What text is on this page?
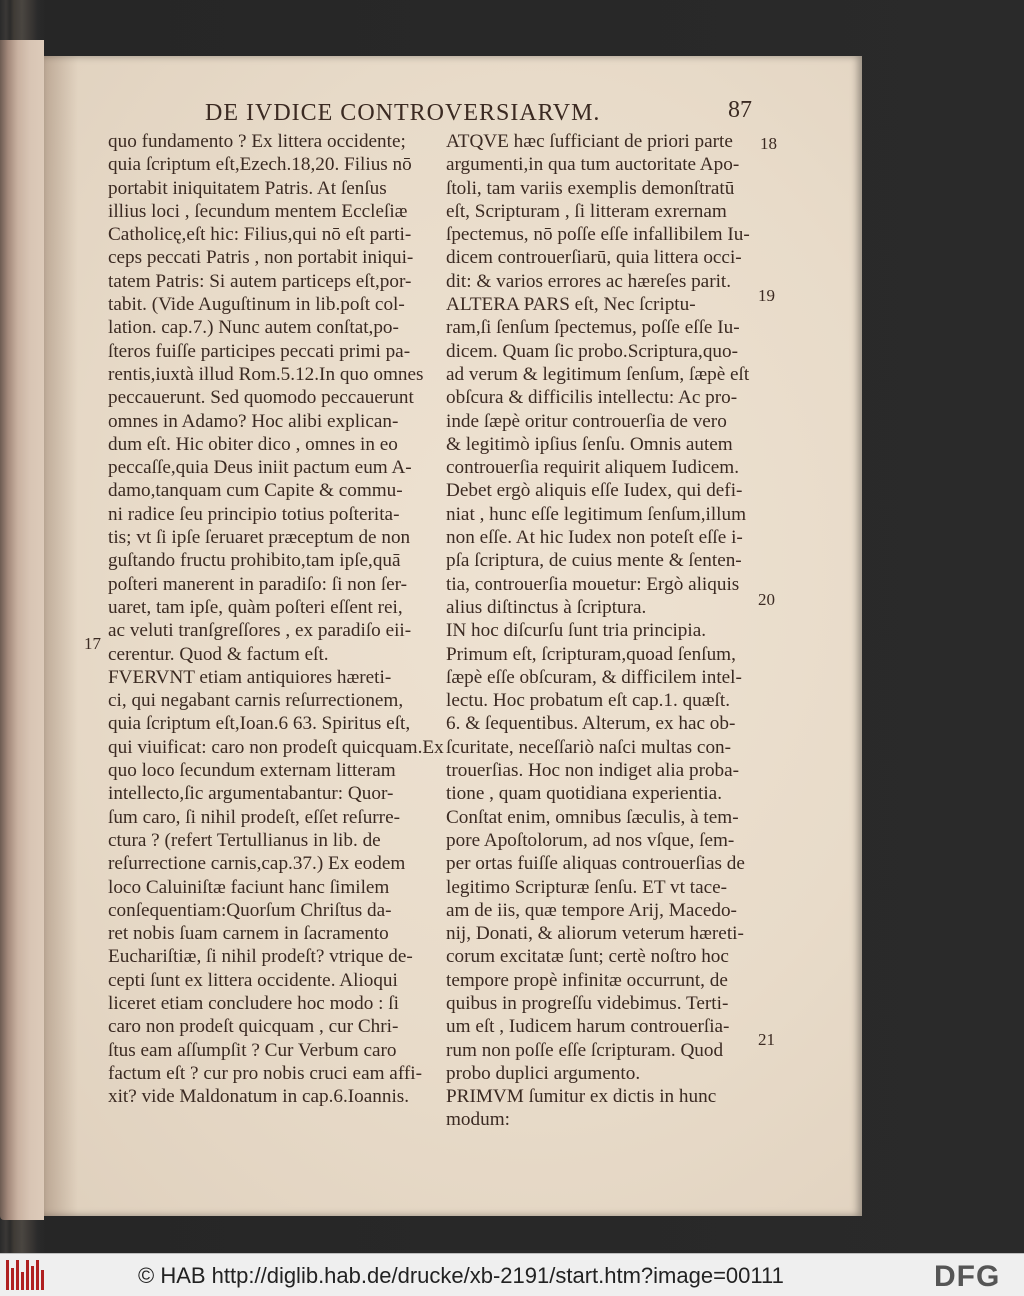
DE IVDICE CONTROVERSIARVM.	87
quo fundamento ? Ex littera occidente;
quia ſcriptum eſt,Ezech.18,20. Filius nō
portabit iniquitatem Patris. At ſenſus
illius loci , ſecundum mentem Eccleſiæ
Catholicę,eſt hic: Filius,qui nō eſt parti-
ceps peccati Patris , non portabit iniqui-
tatem Patris: Si autem particeps eſt,por-
tabit. (Vide Auguſtinum in lib.poſt col-
lation. cap.7.) Nunc autem conſtat,po-
ſteros fuiſſe participes peccati primi pa-
rentis,iuxtà illud Rom.5.12.In quo omnes
peccauerunt. Sed quomodo peccauerunt
omnes in Adamo? Hoc alibi explican-
dum eſt. Hic obiter dico , omnes in eo
peccaſſe,quia Deus iniit pactum eum A-
damo,tanquam cum Capite & commu-
ni radice ſeu principio totius poſterita-
tis; vt ſi ipſe ſeruaret præceptum de non
guſtando fructu prohibito,tam ipſe,quā
poſteri manerent in paradiſo: ſi non ſer-
uaret, tam ipſe, quàm poſteri eſſent rei,
ac veluti tranſgreſſores , ex paradiſo eii-
cerentur. Quod & factum eſt.
FVERVNT etiam antiquiores hæreti-
ci, qui negabant carnis reſurrectionem,
quia ſcriptum eſt,Ioan.6 63. Spiritus eſt,
qui viuificat: caro non prodeſt quicquam.Ex
quo loco ſecundum externam litteram
intellecto,ſic argumentabantur: Quor-
ſum caro, ſi nihil prodeſt, eſſet reſurre-
ctura ? (refert Tertullianus in lib. de
reſurrectione carnis,cap.37.) Ex eodem
loco Caluiniſtæ faciunt hanc ſimilem
conſequentiam:Quorſum Chriſtus da-
ret nobis ſuam carnem in ſacramento
Euchariſtiæ, ſi nihil prodeſt? vtrique de-
cepti ſunt ex littera occidente. Alioqui
liceret etiam concludere hoc modo : ſi
caro non prodeſt quicquam , cur Chri-
ſtus eam aſſumpſit ? Cur Verbum caro
factum eſt ? cur pro nobis cruci eam affi-
xit? vide Maldonatum in cap.6.Ioannis.
ATQVE hæc ſufficiant de priori parte
argumenti,in qua tum auctoritate Apo-
ſtoli, tam variis exemplis demonſtratū
eſt, Scripturam , ſi litteram exrernam
ſpectemus, nō poſſe eſſe infallibilem Iu-
dicem controuerſiarū, quia littera occi-
dit: & varios errores ac hæreſes parit.
ALTERA PARS eſt, Nec ſcriptu-
ram,ſi ſenſum ſpectemus, poſſe eſſe Iu-
dicem. Quam ſic probo.Scriptura,quo-
ad verum & legitimum ſenſum, ſæpè eſt
obſcura & difficilis intellectu: Ac pro-
inde ſæpè oritur controuerſia de vero
& legitimò ipſius ſenſu. Omnis autem
controuerſia requirit aliquem Iudicem.
Debet ergò aliquis eſſe Iudex, qui defi-
niat , hunc eſſe legitimum ſenſum,illum
non eſſe. At hic Iudex non poteſt eſſe i-
pſa ſcriptura, de cuius mente & ſenten-
tia, controuerſia mouetur: Ergò aliquis
alius diſtinctus à ſcriptura.
IN hoc diſcurſu ſunt tria principia.
Primum eſt, ſcripturam,quoad ſenſum,
ſæpè eſſe obſcuram, & difficilem intel-
lectu. Hoc probatum eſt cap.1. quæſt.
6. & ſequentibus. Alterum, ex hac ob-
ſcuritate, neceſſariò naſci multas con-
trouerſias. Hoc non indiget alia proba-
tione , quam quotidiana experientia.
Conſtat enim, omnibus ſæculis, à tem-
pore Apoſtolorum, ad nos vſque, ſem-
per ortas fuiſſe aliquas controuerſias de
legitimo Scripturæ ſenſu. ET vt tace-
am de iis, quæ tempore Arij, Macedo-
nij, Donati, & aliorum veterum hæreti-
corum excitatæ ſunt; certè noſtro hoc
tempore propè infinitæ occurrunt, de
quibus in progreſſu videbimus. Terti-
um eſt , Iudicem harum controuerſia-
rum non poſſe eſſe ſcripturam. Quod
probo duplici argumento.
PRIMVM ſumitur ex dictis in hunc
modum:
17
18
19
20
21
© HAB http://diglib.hab.de/drucke/xb-2191/start.htm?image=00111	DFG
